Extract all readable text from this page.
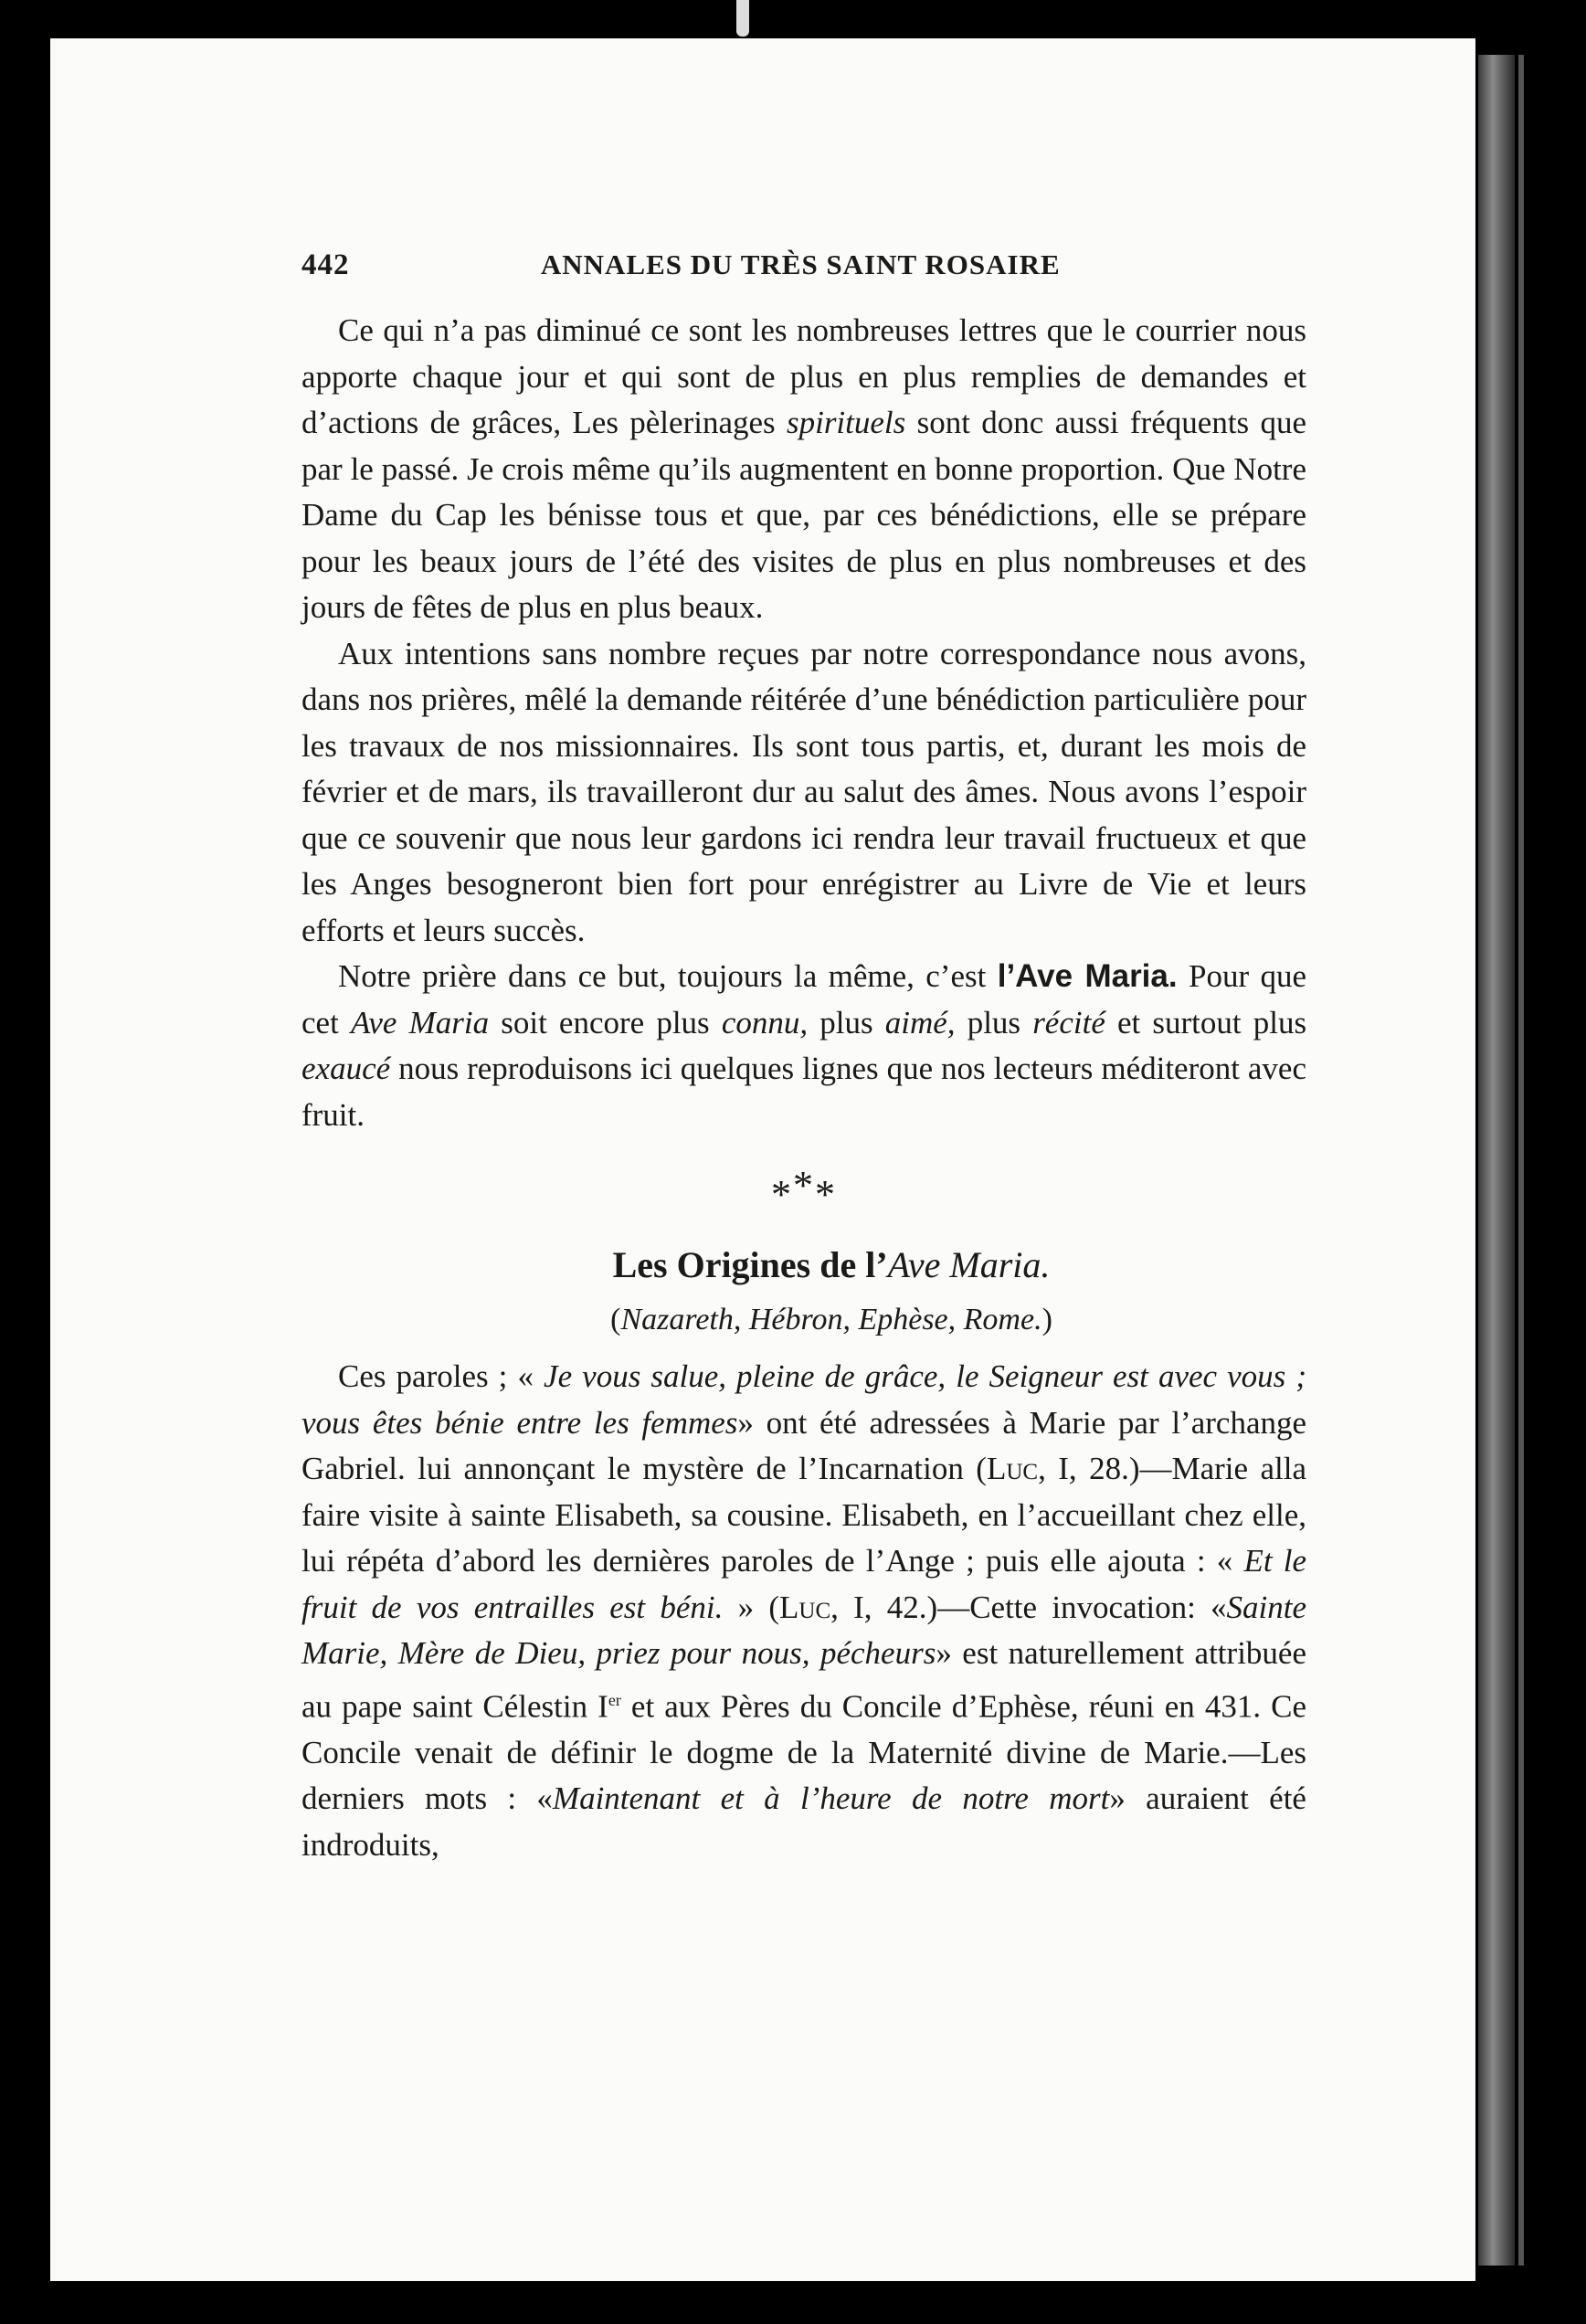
442	ANNALES DU TRÈS SAINT ROSAIRE

Ce qui n’a pas diminué ce sont les nombreuses lettres que le courrier nous apporte chaque jour et qui sont de plus en plus remplies de demandes et d’actions de grâces, Les pèlerinages spirituels sont donc aussi fréquents que par le passé. Je crois même qu’ils augmentent en bonne proportion. Que Notre Dame du Cap les bénisse tous et que, par ces bénédictions, elle se prépare pour les beaux jours de l’été des visites de plus en plus nombreuses et des jours de fêtes de plus en plus beaux.

Aux intentions sans nombre reçues par notre correspondance nous avons, dans nos prières, mêlé la demande réitérée d’une bénédiction particulière pour les travaux de nos missionnaires. Ils sont tous partis, et, durant les mois de février et de mars, ils travailleront dur au salut des âmes. Nous avons l’espoir que ce souvenir que nous leur gardons ici rendra leur travail fructueux et que les Anges besogneront bien fort pour enrégistrer au Livre de Vie et leurs efforts et leurs succès.

Notre prière dans ce but, toujours la même, c’est l’Ave Maria. Pour que cet Ave Maria soit encore plus connu, plus aimé, plus récité et surtout plus exaucé nous reproduisons ici quelques lignes que nos lecteurs méditeront avec fruit.

***
Les Origines de l’Ave Maria.
(Nazareth, Hébron, Ephèse, Rome.)

Ces paroles ; « Je vous salue, pleine de grâce, le Seigneur est avec vous ; vous êtes bénie entre les femmes» ont été adressées à Marie par l’archange Gabriel. lui annonçant le mystère de l’Incarnation (Luc, I, 28.)—Marie alla faire visite à sainte Elisabeth, sa cousine. Elisabeth, en l’accueillant chez elle, lui répéta d’abord les dernières paroles de l’Ange ; puis elle ajouta : « Et le fruit de vos entrailles est béni. » (Luc, I, 42.)—Cette invocation: «Sainte Marie, Mère de Dieu, priez pour nous, pécheurs» est naturellement attribuée au pape saint Célestin Ier et aux Pères du Concile d’Ephèse, réuni en 431. Ce Concile venait de définir le dogme de la Maternité divine de Marie.—Les derniers mots : «Maintenant et à l’heure de notre mort» auraient été indroduits,
